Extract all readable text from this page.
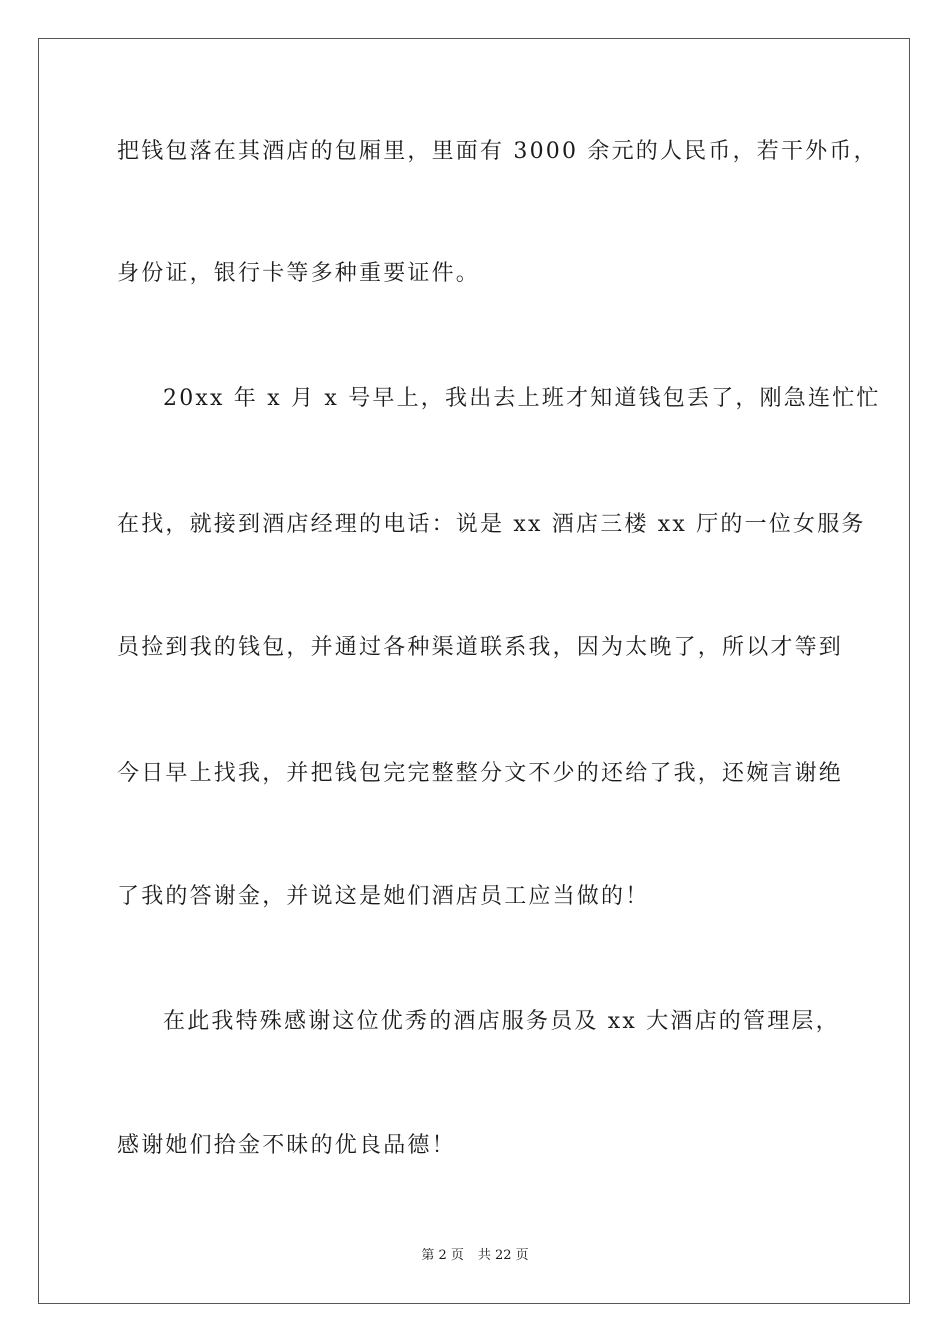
把钱包落在其酒店的包厢里，里面有 3000 余元的人民币，若干外币，
身份证，银行卡等多种重要证件。
20xx 年 x 月 x 号早上，我出去上班才知道钱包丢了，刚急连忙忙
在找，就接到酒店经理的电话：说是 xx 酒店三楼 xx 厅的一位女服务
员捡到我的钱包，并通过各种渠道联系我，因为太晚了，所以才等到
今日早上找我，并把钱包完完整整分文不少的还给了我，还婉言谢绝
了我的答谢金，并说这是她们酒店员工应当做的！
在此我特殊感谢这位优秀的酒店服务员及 xx 大酒店的管理层，
感谢她们拾金不昧的优良品德！
第 2 页 共 22 页
